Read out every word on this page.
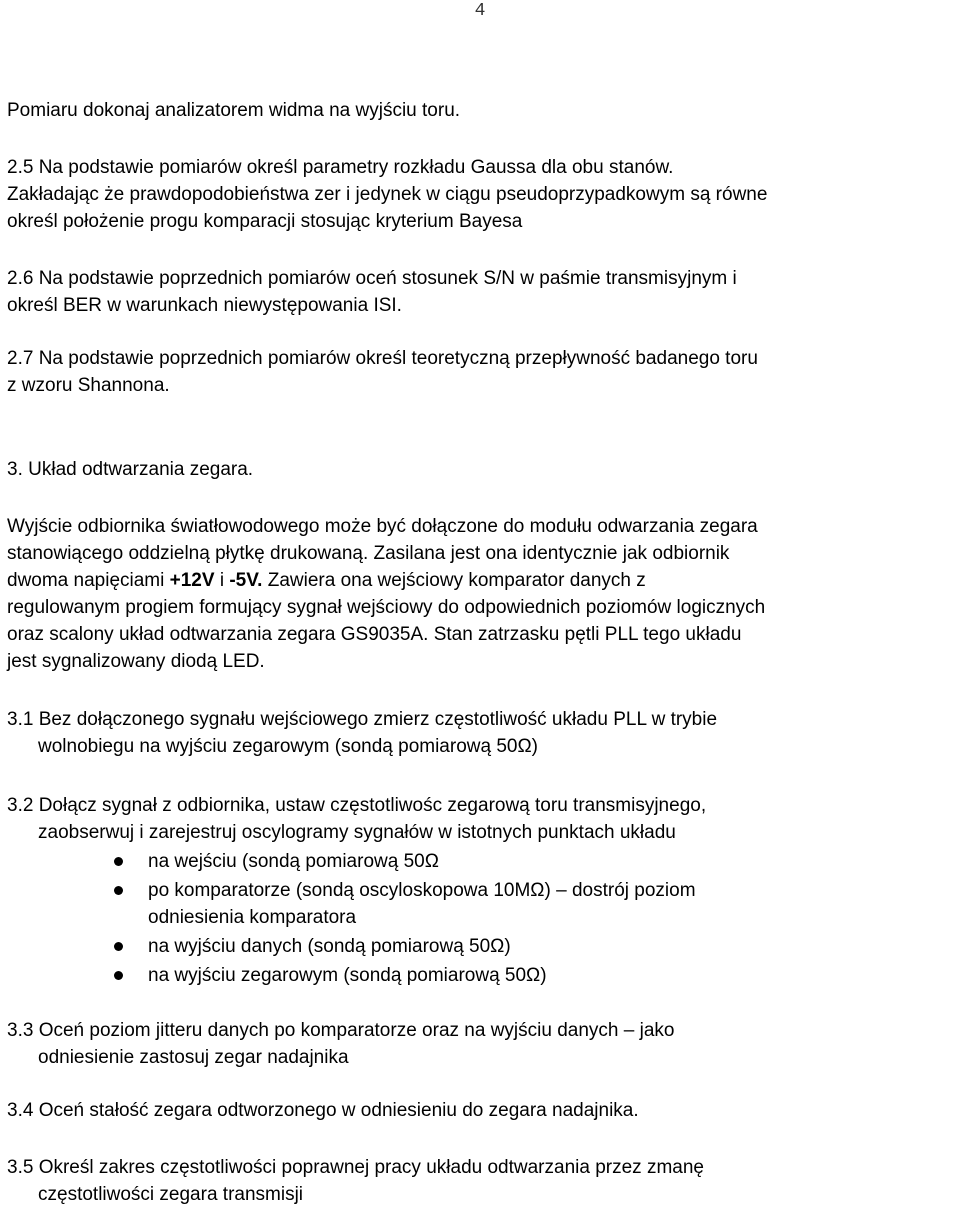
4

Pomiaru dokonaj analizatorem widma na wyjściu toru.

2.5 Na podstawie pomiarów określ parametry rozkładu Gaussa dla obu stanów.
Zakładając że prawdopodobieństwa zer i jedynek w ciągu pseudoprzypadkowym są równe
określ położenie progu komparacji stosując kryterium Bayesa

2.6 Na podstawie poprzednich pomiarów oceń stosunek S/N w paśmie transmisyjnym i
określ BER w warunkach niewystępowania ISI.

2.7 Na podstawie poprzednich pomiarów określ teoretyczną przepływność badanego toru
z wzoru Shannona.

3. Układ odtwarzania zegara.

Wyjście odbiornika światłowodowego może być dołączone do modułu odwarzania zegara
stanowiącego oddzielną płytkę drukowaną. Zasilana jest ona identycznie jak odbiornik
dwoma napięciami +12V i -5V. Zawiera ona wejściowy komparator danych z
regulowanym progiem formujący sygnał wejściowy do odpowiednich poziomów logicznych
oraz scalony układ odtwarzania zegara GS9035A. Stan zatrzasku pętli PLL tego układu
jest sygnalizowany diodą LED.

3.1 Bez dołączonego sygnału wejściowego zmierz częstotliwość układu PLL w trybie
wolnobiegu na wyjściu zegarowym (sondą pomiarową 50Ω)

3.2 Dołącz sygnał z odbiornika, ustaw częstotliwośc zegarową toru transmisyjnego,
zaobserwuj i zarejestruj oscylogramy sygnałów w istotnych punktach układu

na wejściu (sondą pomiarową 50Ω
po komparatorze (sondą oscyloskopowa 10MΩ) – dostrój poziom
odniesienia komparatora
na wyjściu danych (sondą pomiarową 50Ω)
na wyjściu zegarowym (sondą pomiarową 50Ω)

3.3 Oceń poziom jitteru danych po komparatorze oraz na wyjściu danych – jako
odniesienie zastosuj zegar nadajnika

3.4 Oceń stałość zegara odtworzonego w odniesieniu do zegara nadajnika.

3.5 Określ zakres częstotliwości poprawnej pracy układu odtwarzania przez zmanę
częstotliwości zegara transmisji
